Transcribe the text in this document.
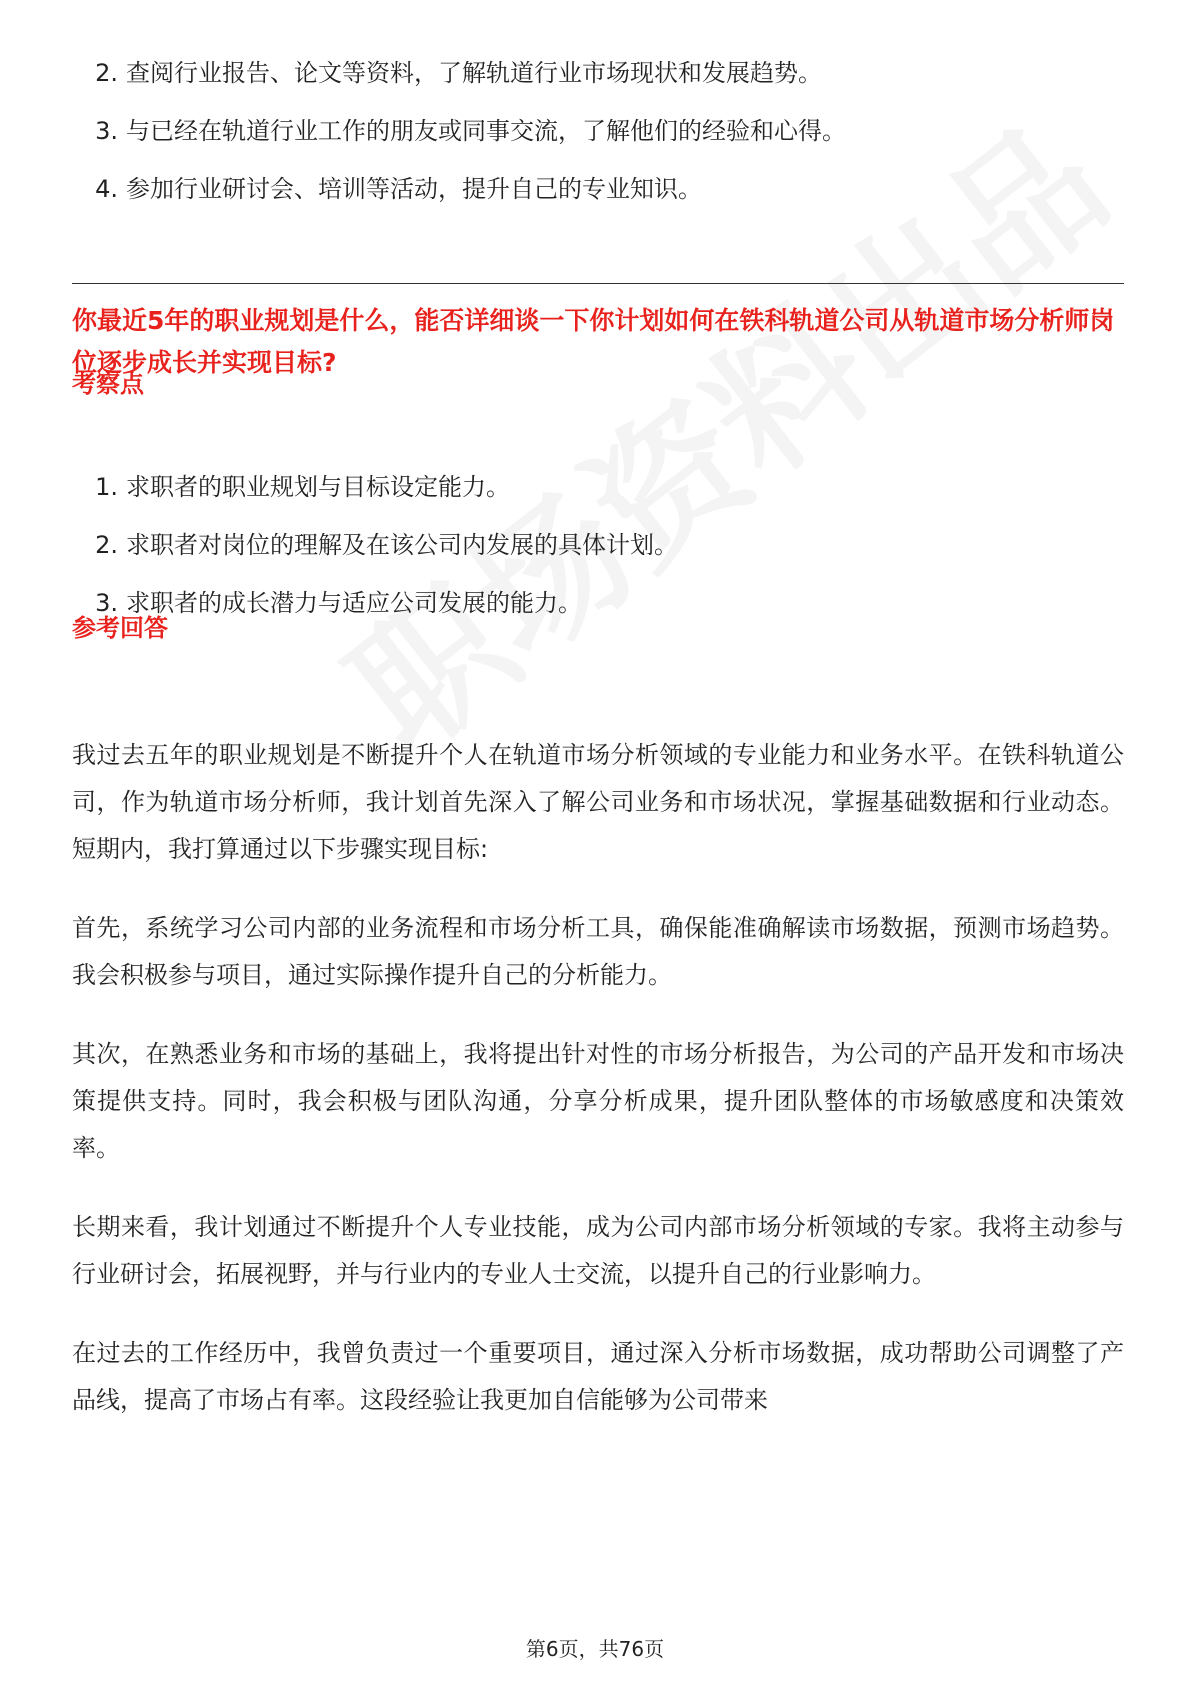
2. 查阅行业报告、论文等资料，了解轨道行业市场现状和发展趋势。
3. 与已经在轨道行业工作的朋友或同事交流，了解他们的经验和心得。
4. 参加行业研讨会、培训等活动，提升自己的专业知识。
你最近5年的职业规划是什么，能否详细谈一下你计划如何在铁科轨道公司从轨道市场分析师岗位逐步成长并实现目标?
考察点
1. 求职者的职业规划与目标设定能力。
2. 求职者对岗位的理解及在该公司内发展的具体计划。
3. 求职者的成长潜力与适应公司发展的能力。
参考回答

我过去五年的职业规划是不断提升个人在轨道市场分析领域的专业能力和业务水平。在铁科轨道公司，作为轨道市场分析师，我计划首先深入了解公司业务和市场状况，掌握基础数据和行业动态。短期内，我打算通过以下步骤实现目标:

首先，系统学习公司内部的业务流程和市场分析工具，确保能准确解读市场数据，预测市场趋势。我会积极参与项目，通过实际操作提升自己的分析能力。

其次，在熟悉业务和市场的基础上，我将提出针对性的市场分析报告，为公司的产品开发和市场决策提供支持。同时，我会积极与团队沟通，分享分析成果，提升团队整体的市场敏感度和决策效率。

长期来看，我计划通过不断提升个人专业技能，成为公司内部市场分析领域的专家。我将主动参与行业研讨会，拓展视野，并与行业内的专业人士交流，以提升自己的行业影响力。

在过去的工作经历中，我曾负责过一个重要项目，通过深入分析市场数据，成功帮助公司调整了产品线，提高了市场占有率。这段经验让我更加自信能够为公司带来

第6页，共76页
